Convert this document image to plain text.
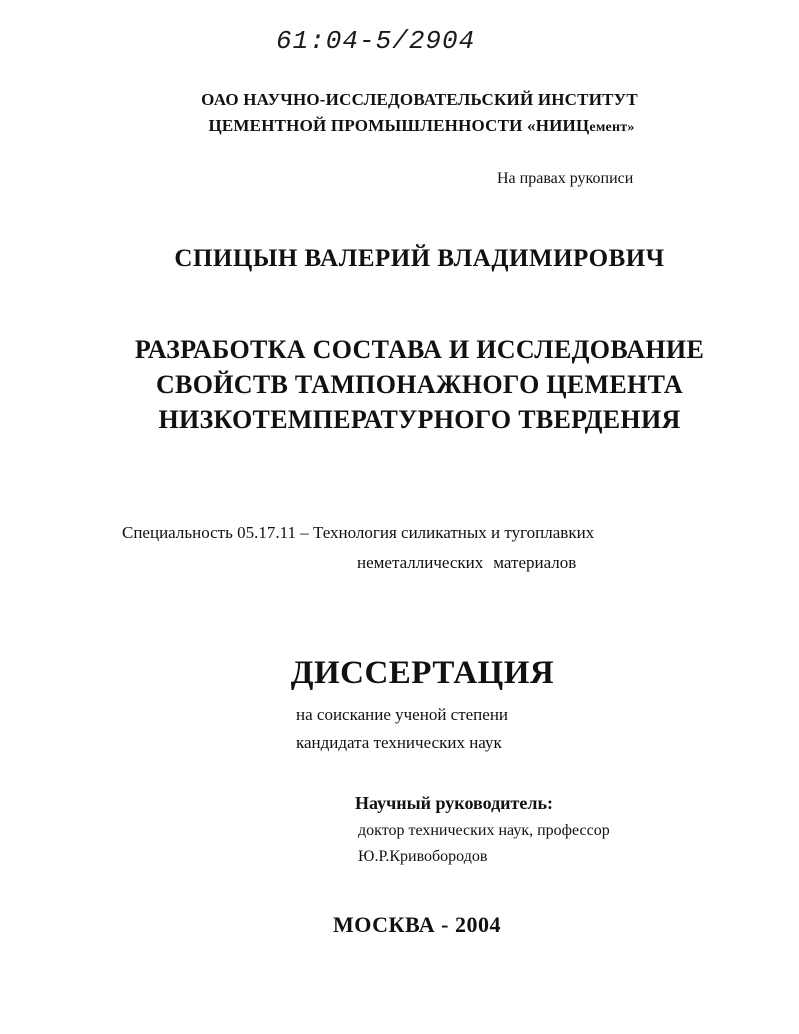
61:04-5/2904
ОАО НАУЧНО-ИССЛЕДОВАТЕЛЬСКИЙ ИНСТИТУТ
ЦЕМЕНТНОЙ ПРОМЫШЛЕННОСТИ «НИИЦемент»
На правах рукописи
СПИЦЫН ВАЛЕРИЙ ВЛАДИМИРОВИЧ
РАЗРАБОТКА СОСТАВА И ИССЛЕДОВАНИЕ
СВОЙСТВ ТАМПОНАЖНОГО ЦЕМЕНТА
НИЗКОТЕМПЕРАТУРНОГО ТВЕРДЕНИЯ
Специальность 05.17.11 – Технология силикатных и тугоплавких
неметаллических материалов
ДИССЕРТАЦИЯ
на соискание ученой степени
кандидата технических наук
Научный руководитель:
доктор технических наук, профессор
Ю.Р.Кривобородов
МОСКВА - 2004
